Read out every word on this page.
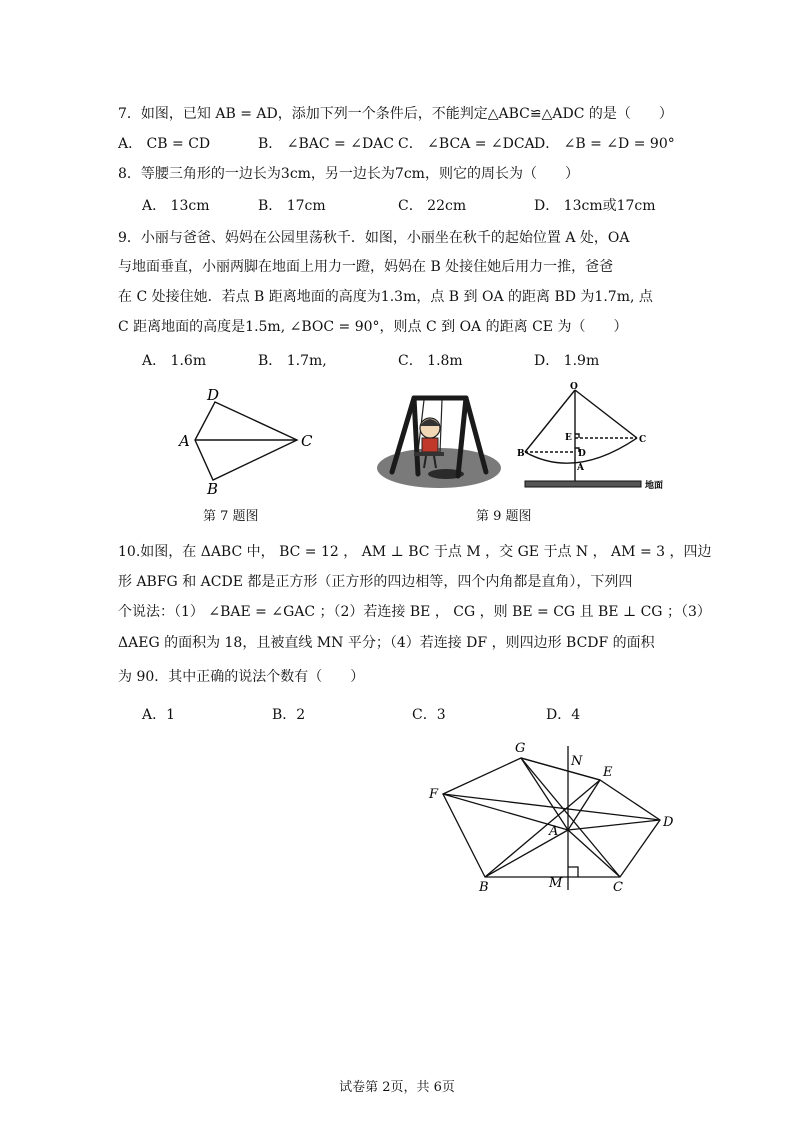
7．如图，已知 AB = AD，添加下列一个条件后，不能判定△ABC≌△ADC 的是（　　）
A． CB = CD	B． ∠BAC = ∠DAC C． ∠BCA = ∠DCA D． ∠B = ∠D = 90°
8．等腰三角形的一边长为3cm，另一边长为7cm，则它的周长为（　　）
A． 13cm	B． 17cm	C． 22cm	D． 13cm或17cm
9．小丽与爸爸、妈妈在公园里荡秋千．如图，小丽坐在秋千的起始位置 A 处，OA
与地面垂直，小丽两脚在地面上用力一蹬，妈妈在 B 处接住她后用力一推，爸爸
在 C 处接住她．若点 B 距离地面的高度为1.3m，点 B 到 OA 的距离 BD 为1.7m, 点
C 距离地面的高度是1.5m, ∠BOC = 90°，则点 C 到 OA 的距离 CE 为（　　）
A． 1.6m	B． 1.7m,	C． 1.8m	D． 1.9m
D
A	C
B
第 7 题图
O
E	C
B	D
A
地面
第 9 题图
10.如图，在 ΔABC 中， BC = 12 ， AM ⊥ BC 于点 M ，交 GE 于点 N ， AM = 3 ，四边
形 ABFG 和 ACDE 都是正方形（正方形的四边相等，四个内角都是直角），下列四
个说法：（1） ∠BAE = ∠GAC ；（2）若连接 BE ， CG ，则 BE = CG 且 BE ⊥ CG ；（3）
ΔAEG 的面积为 18，且被直线 MN 平分；（4）若连接 DF ，则四边形 BCDF 的面积
为 90．其中正确的说法个数有（　　）
A．1	B．2	C．3	D．4
G
N
E
F
D
A
B	M	C
试卷第 2页，共 6页
